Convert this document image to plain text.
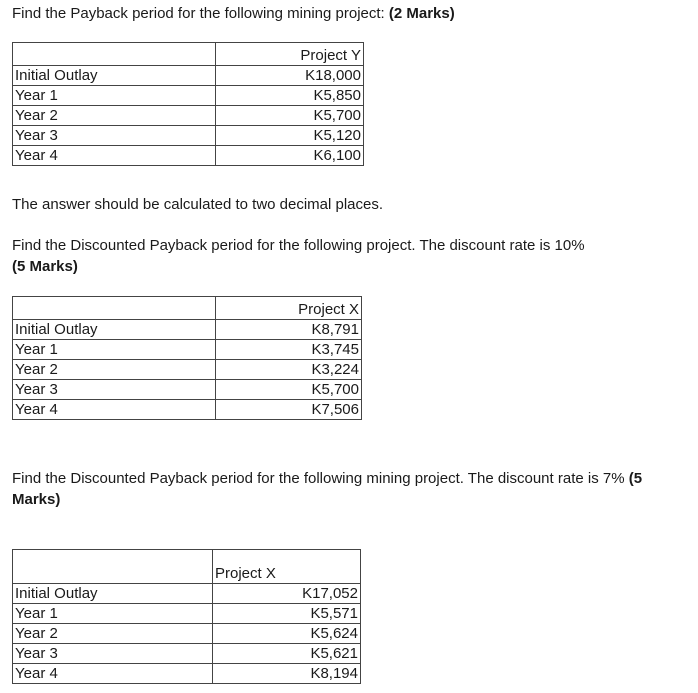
Find the Payback period for the following mining project: (2 Marks)

	Project Y
Initial Outlay	K18,000
Year 1	K5,850
Year 2	K5,700
Year 3	K5,120
Year 4	K6,100

The answer should be calculated to two decimal places.

Find the Discounted Payback period for the following project. The discount rate is 10%
(5 Marks)

	Project X
Initial Outlay	K8,791
Year 1	K3,745
Year 2	K3,224
Year 3	K5,700
Year 4	K7,506

Find the Discounted Payback period for the following mining project. The discount rate is 7% (5 Marks)

	Project X
Initial Outlay	K17,052
Year 1	K5,571
Year 2	K5,624
Year 3	K5,621
Year 4	K8,194
